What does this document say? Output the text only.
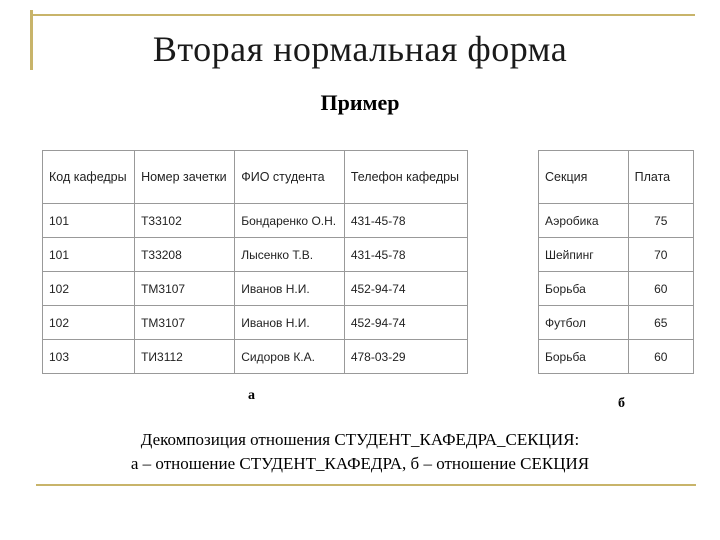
Вторая нормальная форма
Пример
Код кафедры	Номер зачетки	ФИО студента	Телефон кафедры
101	Т33102	Бондаренко О.Н.	431-45-78
101	Т33208	Лысенко Т.В.	431-45-78
102	ТМ3107	Иванов Н.И.	452-94-74
102	ТМ3107	Иванов Н.И.	452-94-74
103	ТИ3112	Сидоров К.А.	478-03-29
Секция	Плата
Аэробика	75
Шейпинг	70
Борьба	60
Футбол	65
Борьба	60
а
б
Декомпозиция отношения СТУДЕНТ_КАФЕДРА_СЕКЦИЯ:
а – отношение СТУДЕНТ_КАФЕДРА, б – отношение СЕКЦИЯ
